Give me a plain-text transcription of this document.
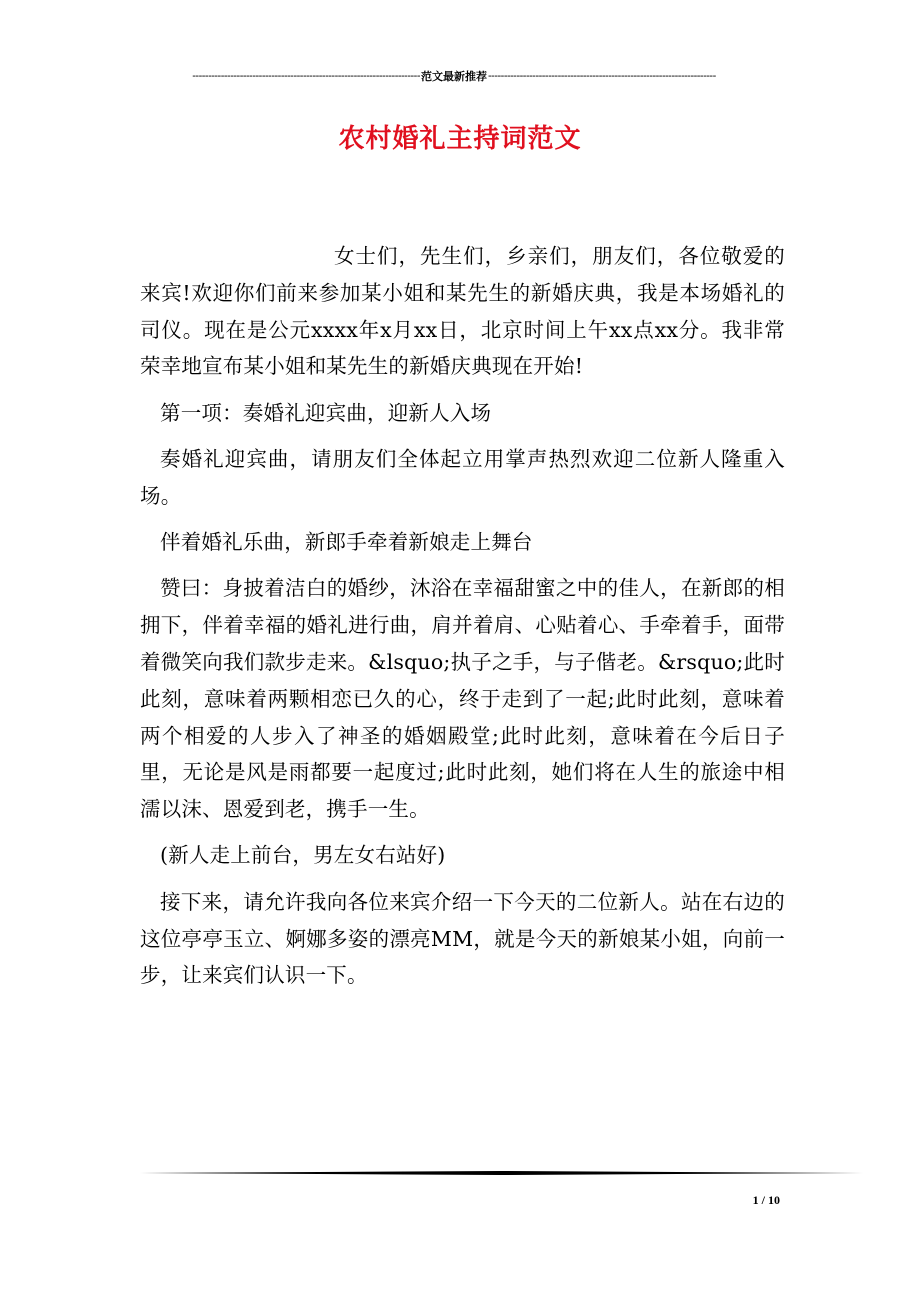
------------------------------------------------------------------------ 范文最新推荐 ------------------------------------------------------------------------
农村婚礼主持词范文

女士们，先生们，乡亲们，朋友们，各位敬爱的来宾!欢迎你们前来参加某小姐和某先生的新婚庆典，我是本场婚礼的司仪。现在是公元xxxx年x月xx日，北京时间上午xx点xx分。我非常荣幸地宣布某小姐和某先生的新婚庆典现在开始!

第一项：奏婚礼迎宾曲，迎新人入场

奏婚礼迎宾曲，请朋友们全体起立用掌声热烈欢迎二位新人隆重入场。

伴着婚礼乐曲，新郎手牵着新娘走上舞台

赞曰：身披着洁白的婚纱，沐浴在幸福甜蜜之中的佳人，在新郎的相拥下，伴着幸福的婚礼进行曲，肩并着肩、心贴着心、手牵着手，面带着微笑向我们款步走来。&lsquo;执子之手，与子偕老。&rsquo;此时此刻，意味着两颗相恋已久的心，终于走到了一起;此时此刻，意味着两个相爱的人步入了神圣的婚姻殿堂;此时此刻，意味着在今后日子里，无论是风是雨都要一起度过;此时此刻，她们将在人生的旅途中相濡以沫、恩爱到老，携手一生。

(新人走上前台，男左女右站好)

接下来，请允许我向各位来宾介绍一下今天的二位新人。站在右边的这位亭亭玉立、婀娜多姿的漂亮MM，就是今天的新娘某小姐，向前一步，让来宾们认识一下。

1 / 10
